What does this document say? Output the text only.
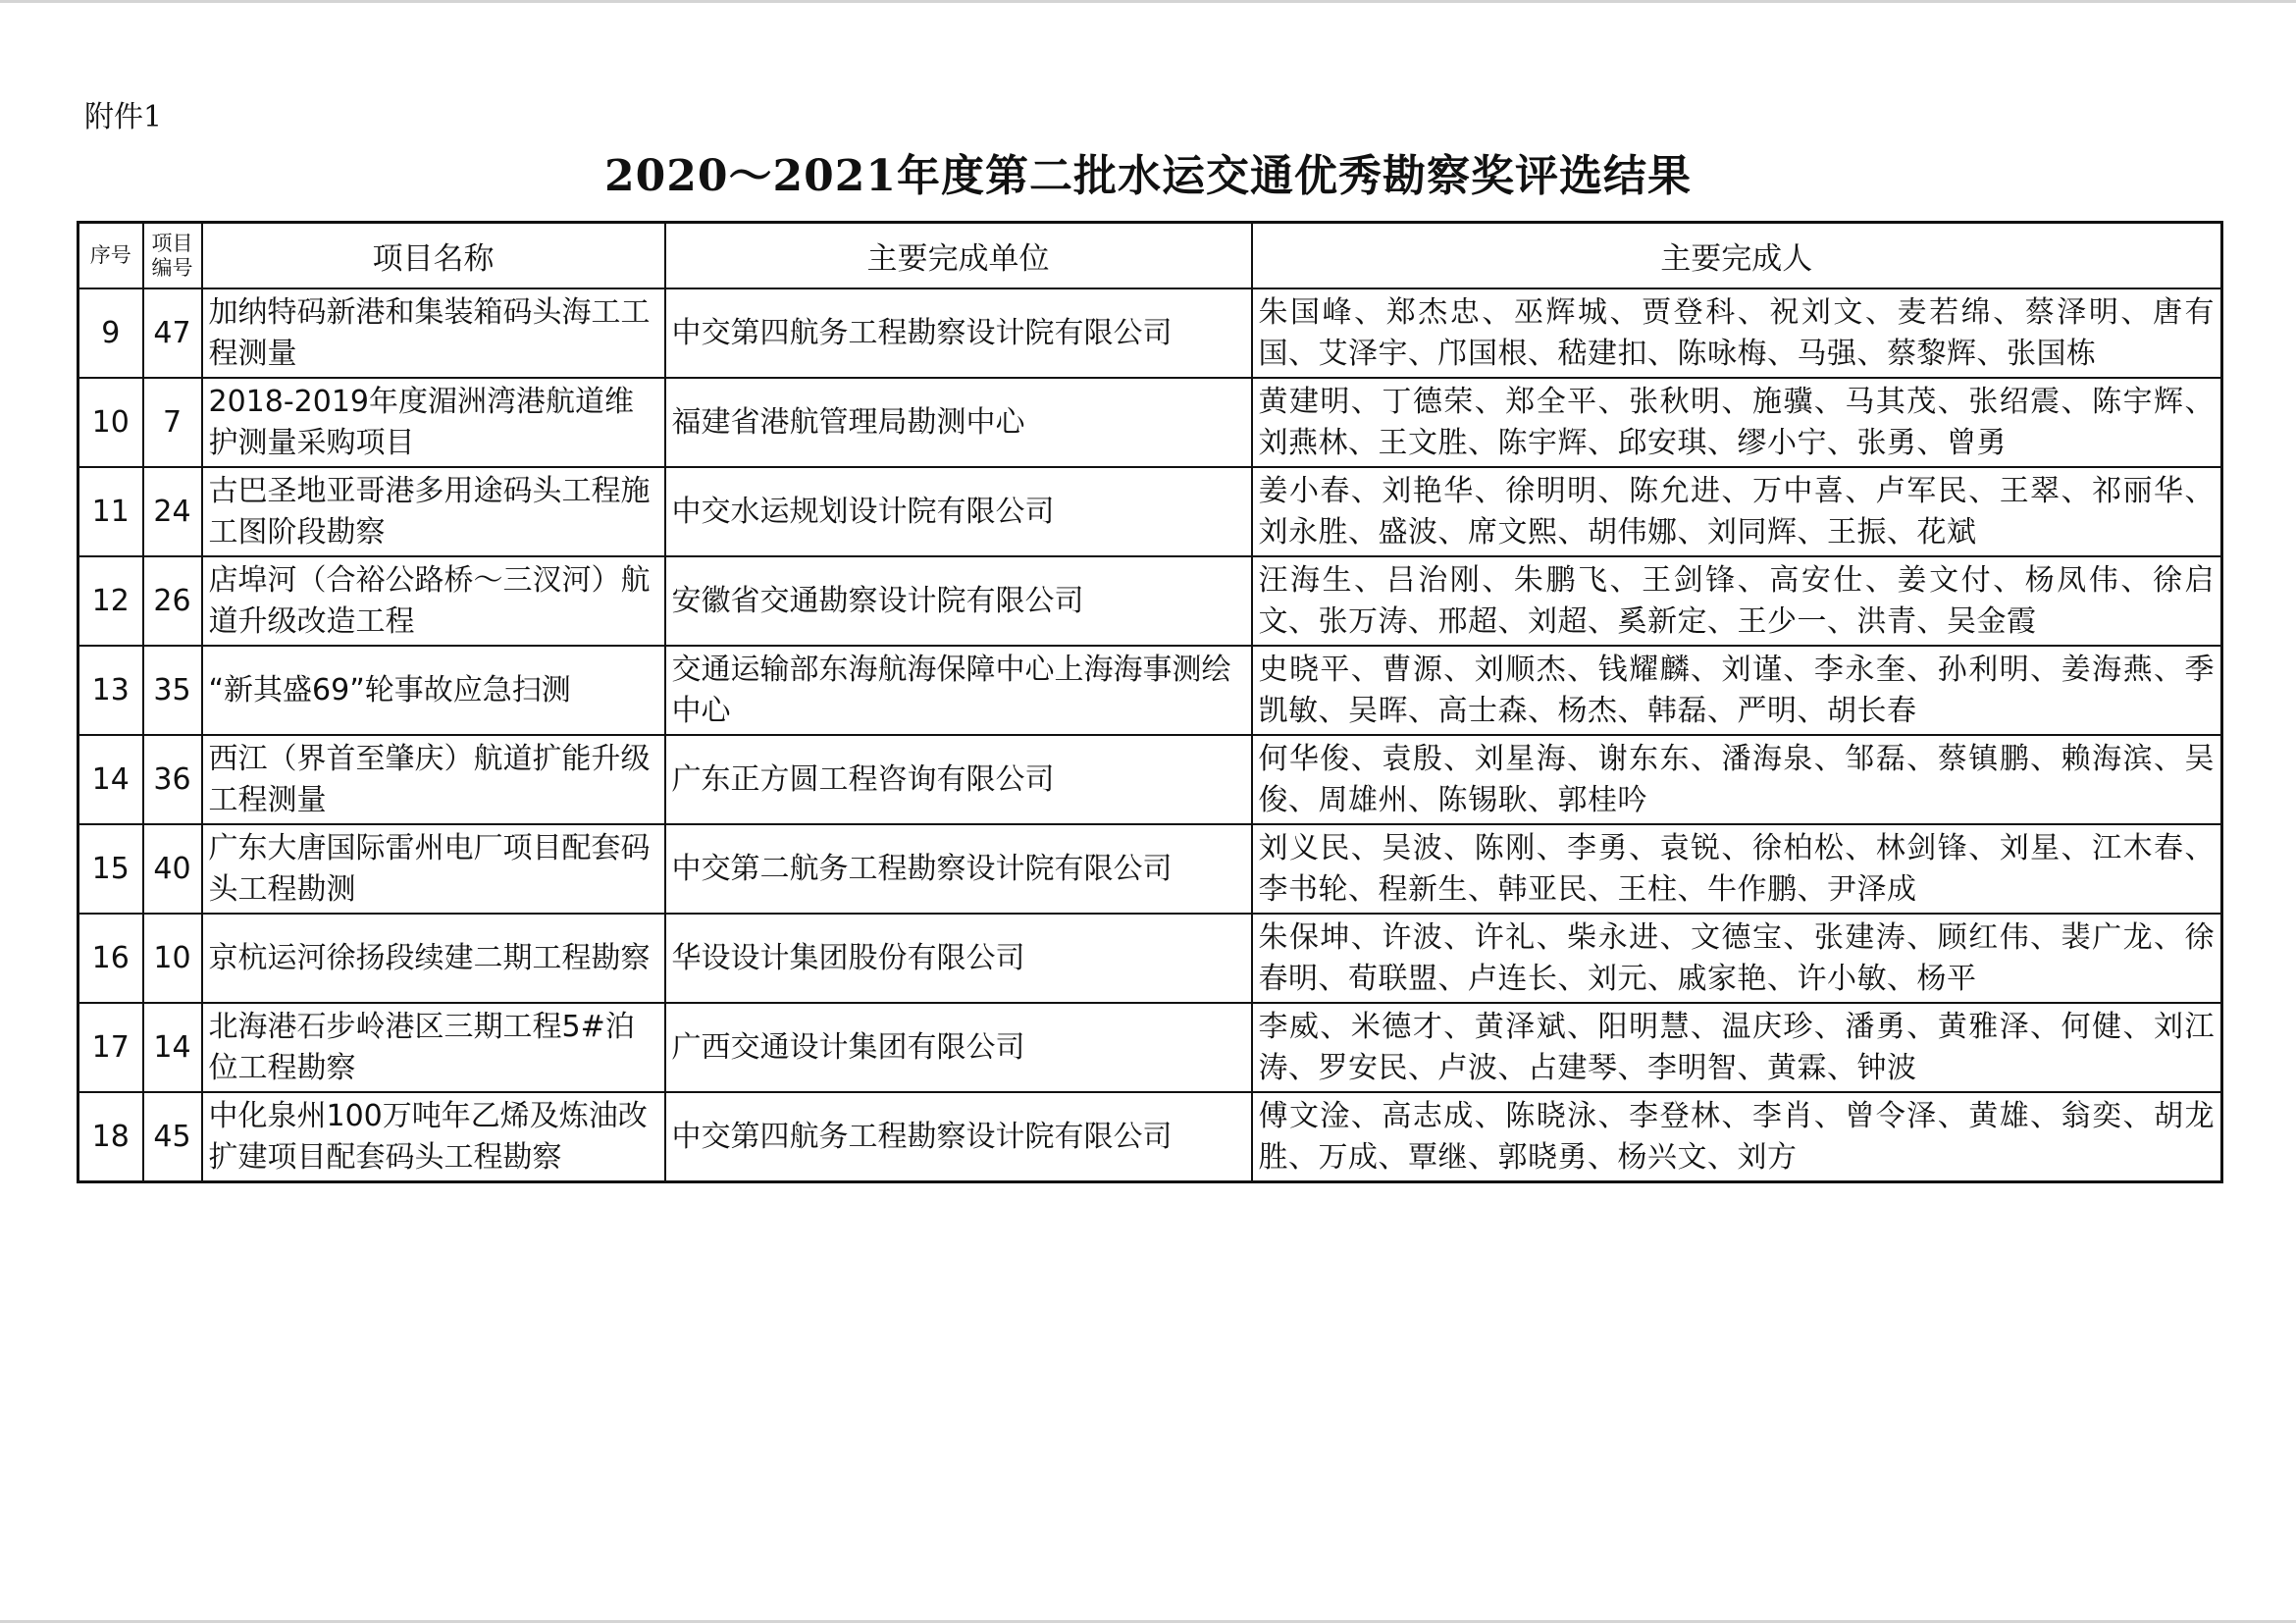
附件1
2020～2021年度第二批水运交通优秀勘察奖评选结果
序号	项目编号	项目名称	主要完成单位	主要完成人
9	47	加纳特码新港和集装箱码头海工工程测量	中交第四航务工程勘察设计院有限公司	朱国峰、郑杰忠、巫辉城、贾登科、祝刘文、麦若绵、蔡泽明、唐有国、艾泽宇、邝国根、嵇建扣、陈咏梅、马强、蔡黎辉、张国栋
10	7	2018-2019年度湄洲湾港航道维护测量采购项目	福建省港航管理局勘测中心	黄建明、丁德荣、郑全平、张秋明、施骥、马其茂、张绍震、陈宇辉、刘燕林、王文胜、陈宇辉、邱安琪、缪小宁、张勇、曾勇
11	24	古巴圣地亚哥港多用途码头工程施工图阶段勘察	中交水运规划设计院有限公司	姜小春、刘艳华、徐明明、陈允进、万中喜、卢军民、王翠、祁丽华、刘永胜、盛波、席文熙、胡伟娜、刘同辉、王振、花斌
12	26	店埠河（合裕公路桥～三汊河）航道升级改造工程	安徽省交通勘察设计院有限公司	汪海生、吕治刚、朱鹏飞、王剑锋、高安仕、姜文付、杨凤伟、徐启文、张万涛、邢超、刘超、奚新定、王少一、洪青、吴金霞
13	35	“新其盛69”轮事故应急扫测	交通运输部东海航海保障中心上海海事测绘中心	史晓平、曹源、刘顺杰、钱耀麟、刘谨、李永奎、孙利明、姜海燕、季凯敏、吴晖、高士森、杨杰、韩磊、严明、胡长春
14	36	西江（界首至肇庆）航道扩能升级工程测量	广东正方圆工程咨询有限公司	何华俊、袁殷、刘星海、谢东东、潘海泉、邹磊、蔡镇鹏、赖海滨、吴俊、周雄州、陈锡耿、郭桂吟
15	40	广东大唐国际雷州电厂项目配套码头工程勘测	中交第二航务工程勘察设计院有限公司	刘义民、吴波、陈刚、李勇、袁锐、徐柏松、林剑锋、刘星、江木春、李书轮、程新生、韩亚民、王柱、牛作鹏、尹泽成
16	10	京杭运河徐扬段续建二期工程勘察	华设设计集团股份有限公司	朱保坤、许波、许礼、柴永进、文德宝、张建涛、顾红伟、裴广龙、徐春明、荀联盟、卢连长、刘元、戚家艳、许小敏、杨平
17	14	北海港石步岭港区三期工程5#泊位工程勘察	广西交通设计集团有限公司	李威、米德才、黄泽斌、阳明慧、温庆珍、潘勇、黄雅泽、何健、刘江涛、罗安民、卢波、占建琴、李明智、黄霖、钟波
18	45	中化泉州100万吨年乙烯及炼油改扩建项目配套码头工程勘察	中交第四航务工程勘察设计院有限公司	傅文淦、高志成、陈晓泳、李登林、李肖、曾令泽、黄雄、翁奕、胡龙胜、万成、覃继、郭晓勇、杨兴文、刘方
